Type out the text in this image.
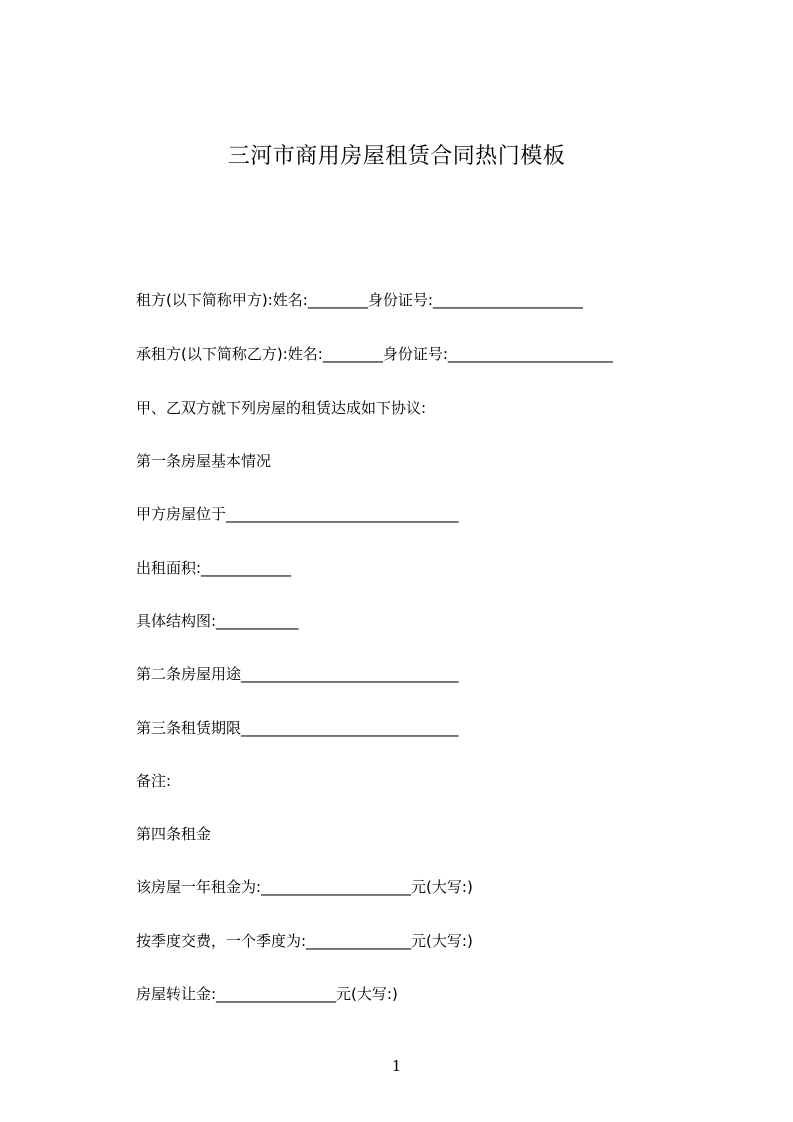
三河市商用房屋租赁合同热门模板
租方(以下简称甲方):姓名:________身份证号:____________________
承租方(以下简称乙方):姓名:________身份证号:______________________
甲、乙双方就下列房屋的租赁达成如下协议:
第一条房屋基本情况
甲方房屋位于_______________________________
出租面积:____________
具体结构图:___________
第二条房屋用途_____________________________
第三条租赁期限_____________________________
备注:
第四条租金
该房屋一年租金为:____________________元(大写:)
按季度交费，一个季度为:______________元(大写:)
房屋转让金:________________元(大写:)
1
